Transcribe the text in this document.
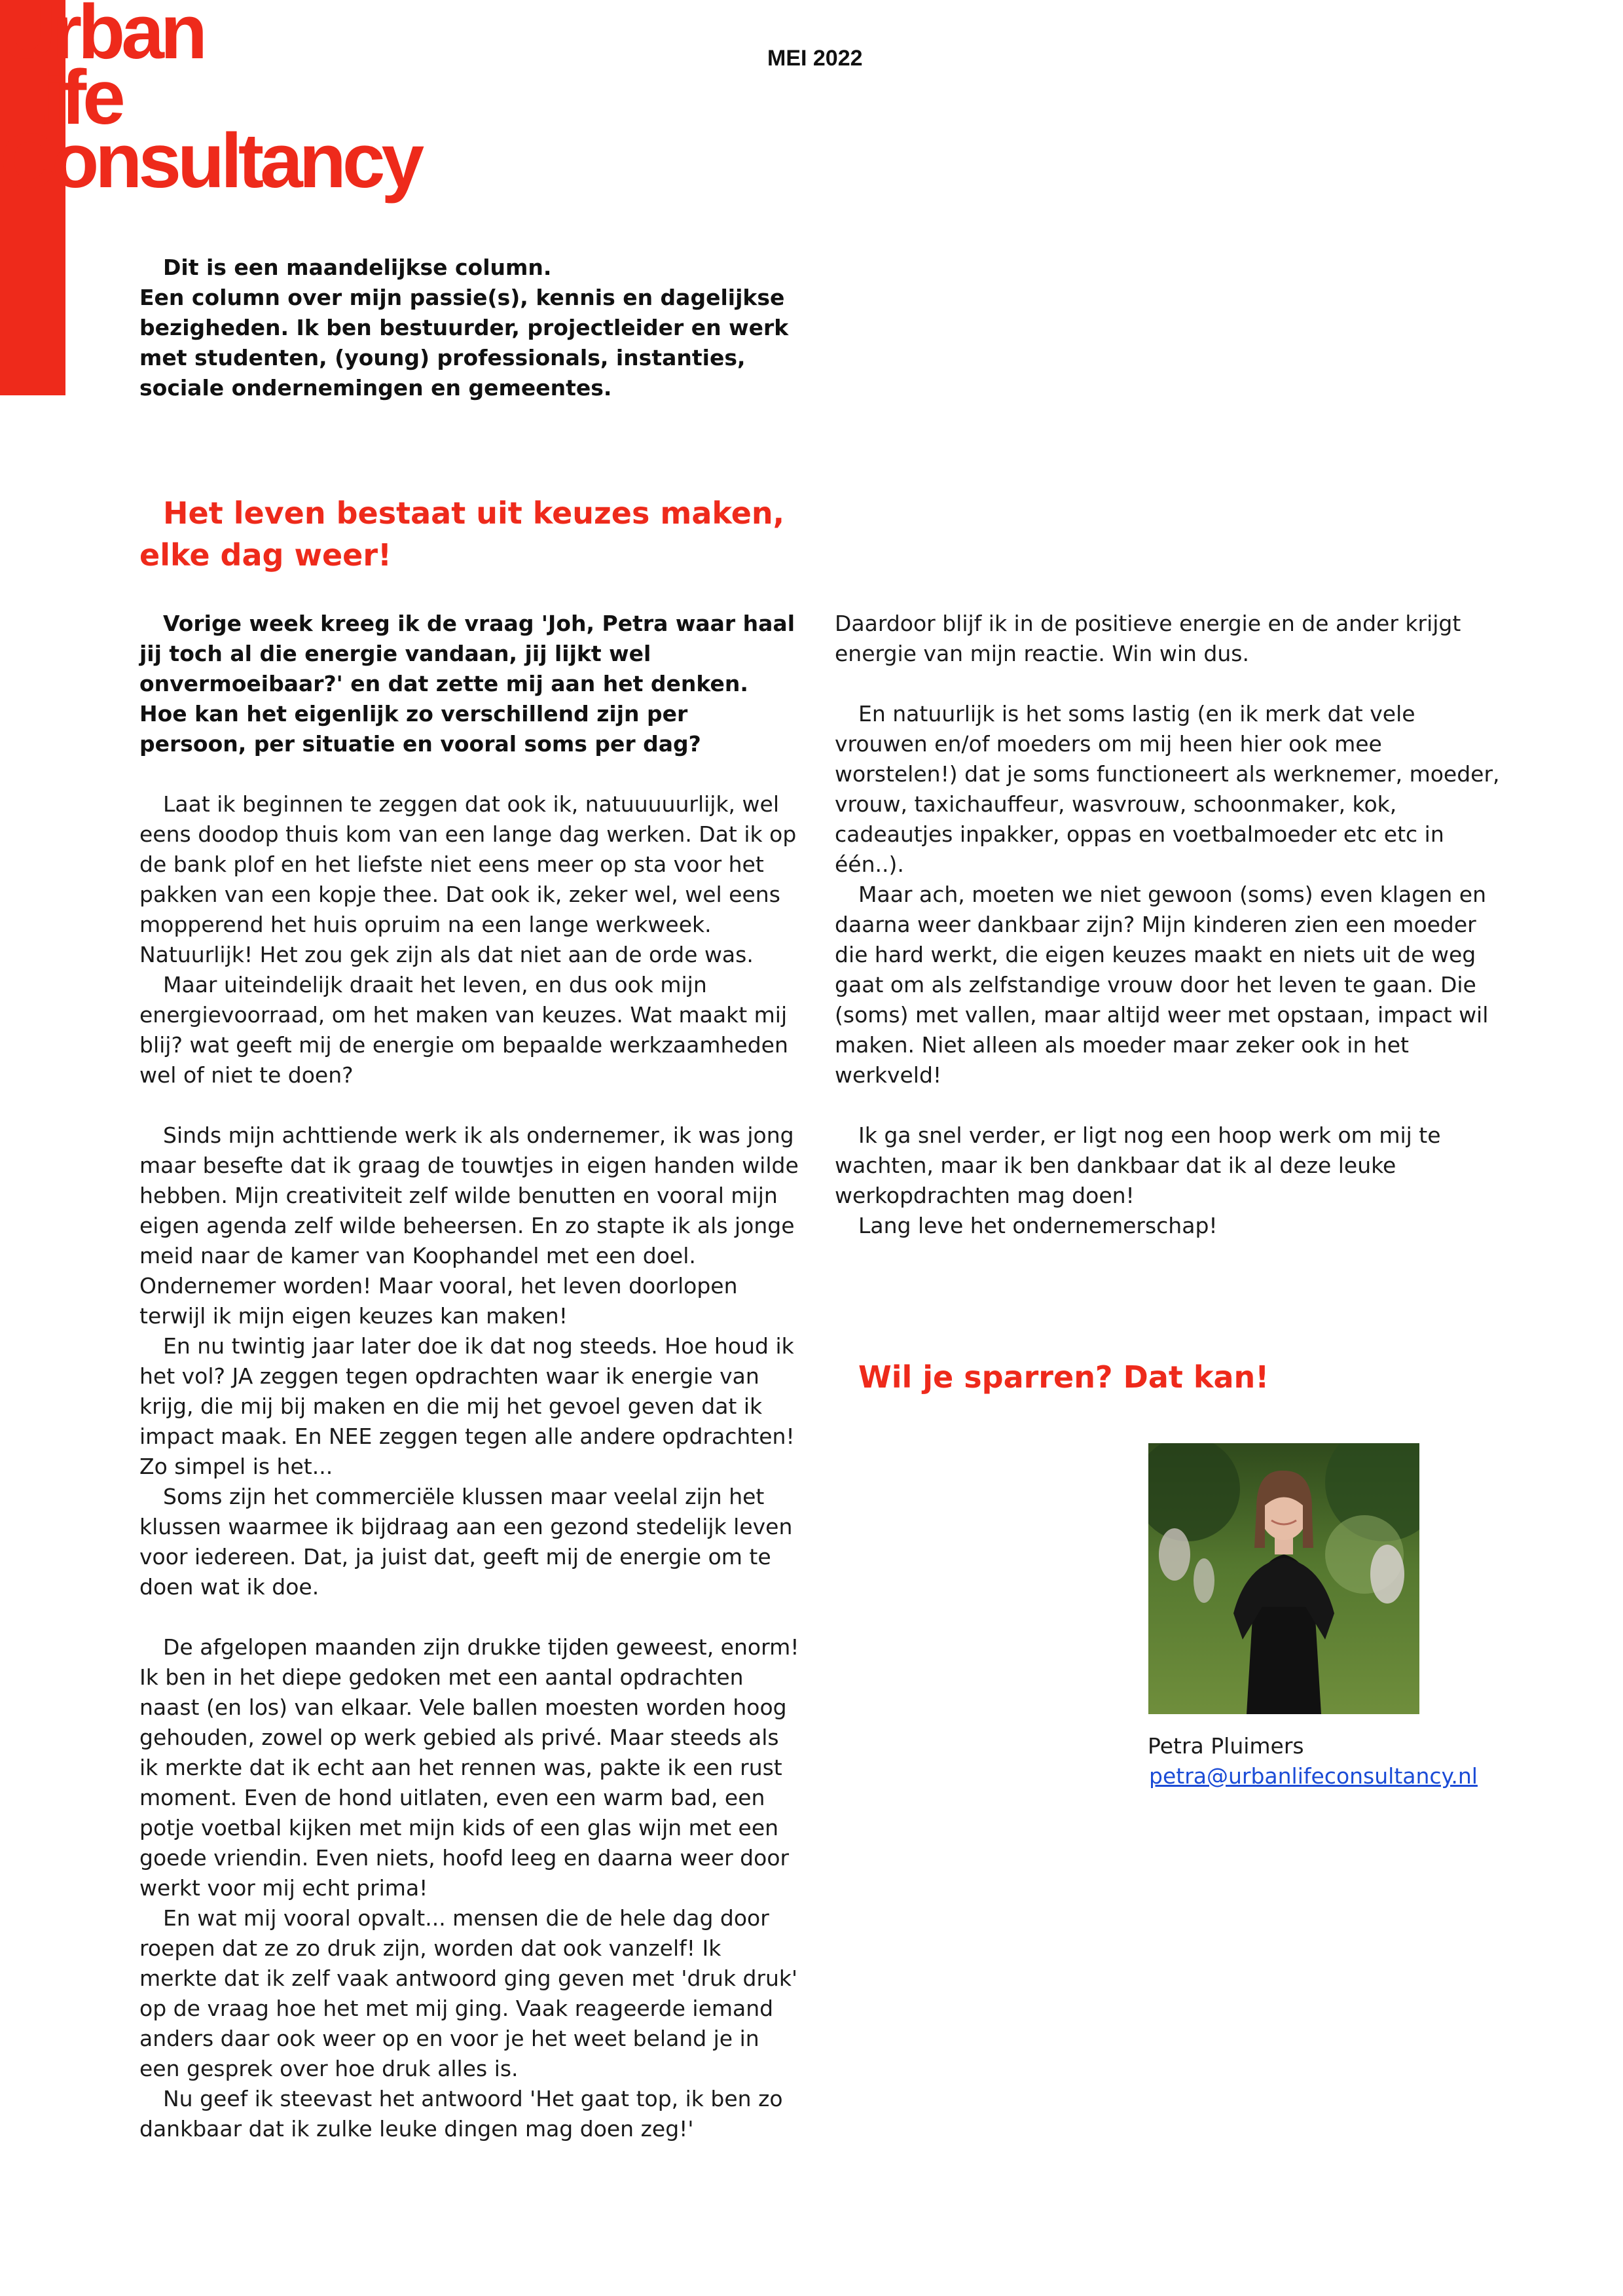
Urban
Life
Consultancy
MEI 2022

Dit is een maandelijkse column.

Een column over mijn passie(s), kennis en dagelijkse bezigheden. Ik ben bestuurder, projectleider en werk met studenten, (young) professionals, instanties, sociale ondernemingen en gemeentes.

Het leven bestaat uit keuzes maken,
elke dag weer!

Vorige week kreeg ik de vraag 'Joh, Petra waar haal jij toch al die energie vandaan, jij lijkt wel onvermoeibaar?' en dat zette mij aan het denken. Hoe kan het eigenlijk zo verschillend zijn per persoon, per situatie en vooral soms per dag?

Laat ik beginnen te zeggen dat ook ik, natuuuuurlijk, wel eens doodop thuis kom van een lange dag werken. Dat ik op de bank plof en het liefste niet eens meer op sta voor het pakken van een kopje thee. Dat ook ik, zeker wel, wel eens mopperend het huis opruim na een lange werkweek. Natuurlijk! Het zou gek zijn als dat niet aan de orde was.

Maar uiteindelijk draait het leven, en dus ook mijn energievoorraad, om het maken van keuzes. Wat maakt mij blij? wat geeft mij de energie om bepaalde werkzaamheden wel of niet te doen?

Sinds mijn achttiende werk ik als ondernemer, ik was jong maar besefte dat ik graag de touwtjes in eigen handen wilde hebben. Mijn creativiteit zelf wilde benutten en vooral mijn eigen agenda zelf wilde beheersen. En zo stapte ik als jonge meid naar de kamer van Koophandel met een doel. Ondernemer worden! Maar vooral, het leven doorlopen terwijl ik mijn eigen keuzes kan maken!

En nu twintig jaar later doe ik dat nog steeds. Hoe houd ik het vol? JA zeggen tegen opdrachten waar ik energie van krijg, die mij bij maken en die mij het gevoel geven dat ik impact maak. En NEE zeggen tegen alle andere opdrachten! Zo simpel is het...

Soms zijn het commerciële klussen maar veelal zijn het klussen waarmee ik bijdraag aan een gezond stedelijk leven voor iedereen. Dat, ja juist dat, geeft mij de energie om te doen wat ik doe.

De afgelopen maanden zijn drukke tijden geweest, enorm! Ik ben in het diepe gedoken met een aantal opdrachten naast (en los) van elkaar. Vele ballen moesten worden hoog gehouden, zowel op werk gebied als privé. Maar steeds als ik merkte dat ik echt aan het rennen was, pakte ik een rust moment. Even de hond uitlaten, even een warm bad, een potje voetbal kijken met mijn kids of een glas wijn met een goede vriendin. Even niets, hoofd leeg en daarna weer door werkt voor mij echt prima!

En wat mij vooral opvalt... mensen die de hele dag door roepen dat ze zo druk zijn, worden dat ook vanzelf! Ik merkte dat ik zelf vaak antwoord ging geven met 'druk druk' op de vraag hoe het met mij ging. Vaak reageerde iemand anders daar ook weer op en voor je het weet beland je in een gesprek over hoe druk alles is.

Nu geef ik steevast het antwoord 'Het gaat top, ik ben zo dankbaar dat ik zulke leuke dingen mag doen zeg!'

Daardoor blijf ik in de positieve energie en de ander krijgt energie van mijn reactie. Win win dus.

En natuurlijk is het soms lastig (en ik merk dat vele vrouwen en/of moeders om mij heen hier ook mee worstelen!) dat je soms functioneert als werknemer, moeder, vrouw, taxichauffeur, wasvrouw, schoonmaker, kok, cadeautjes inpakker, oppas en voetbalmoeder etc etc in één..).

Maar ach, moeten we niet gewoon (soms) even klagen en daarna weer dankbaar zijn? Mijn kinderen zien een moeder die hard werkt, die eigen keuzes maakt en niets uit de weg gaat om als zelfstandige vrouw door het leven te gaan. Die (soms) met vallen, maar altijd weer met opstaan, impact wil maken. Niet alleen als moeder maar zeker ook in het werkveld!

Ik ga snel verder, er ligt nog een hoop werk om mij te wachten, maar ik ben dankbaar dat ik al deze leuke werkopdrachten mag doen!

Lang leve het ondernemerschap!

Wil je sparren? Dat kan!
Petra Pluimers
petra@urbanlifeconsultancy.nl
